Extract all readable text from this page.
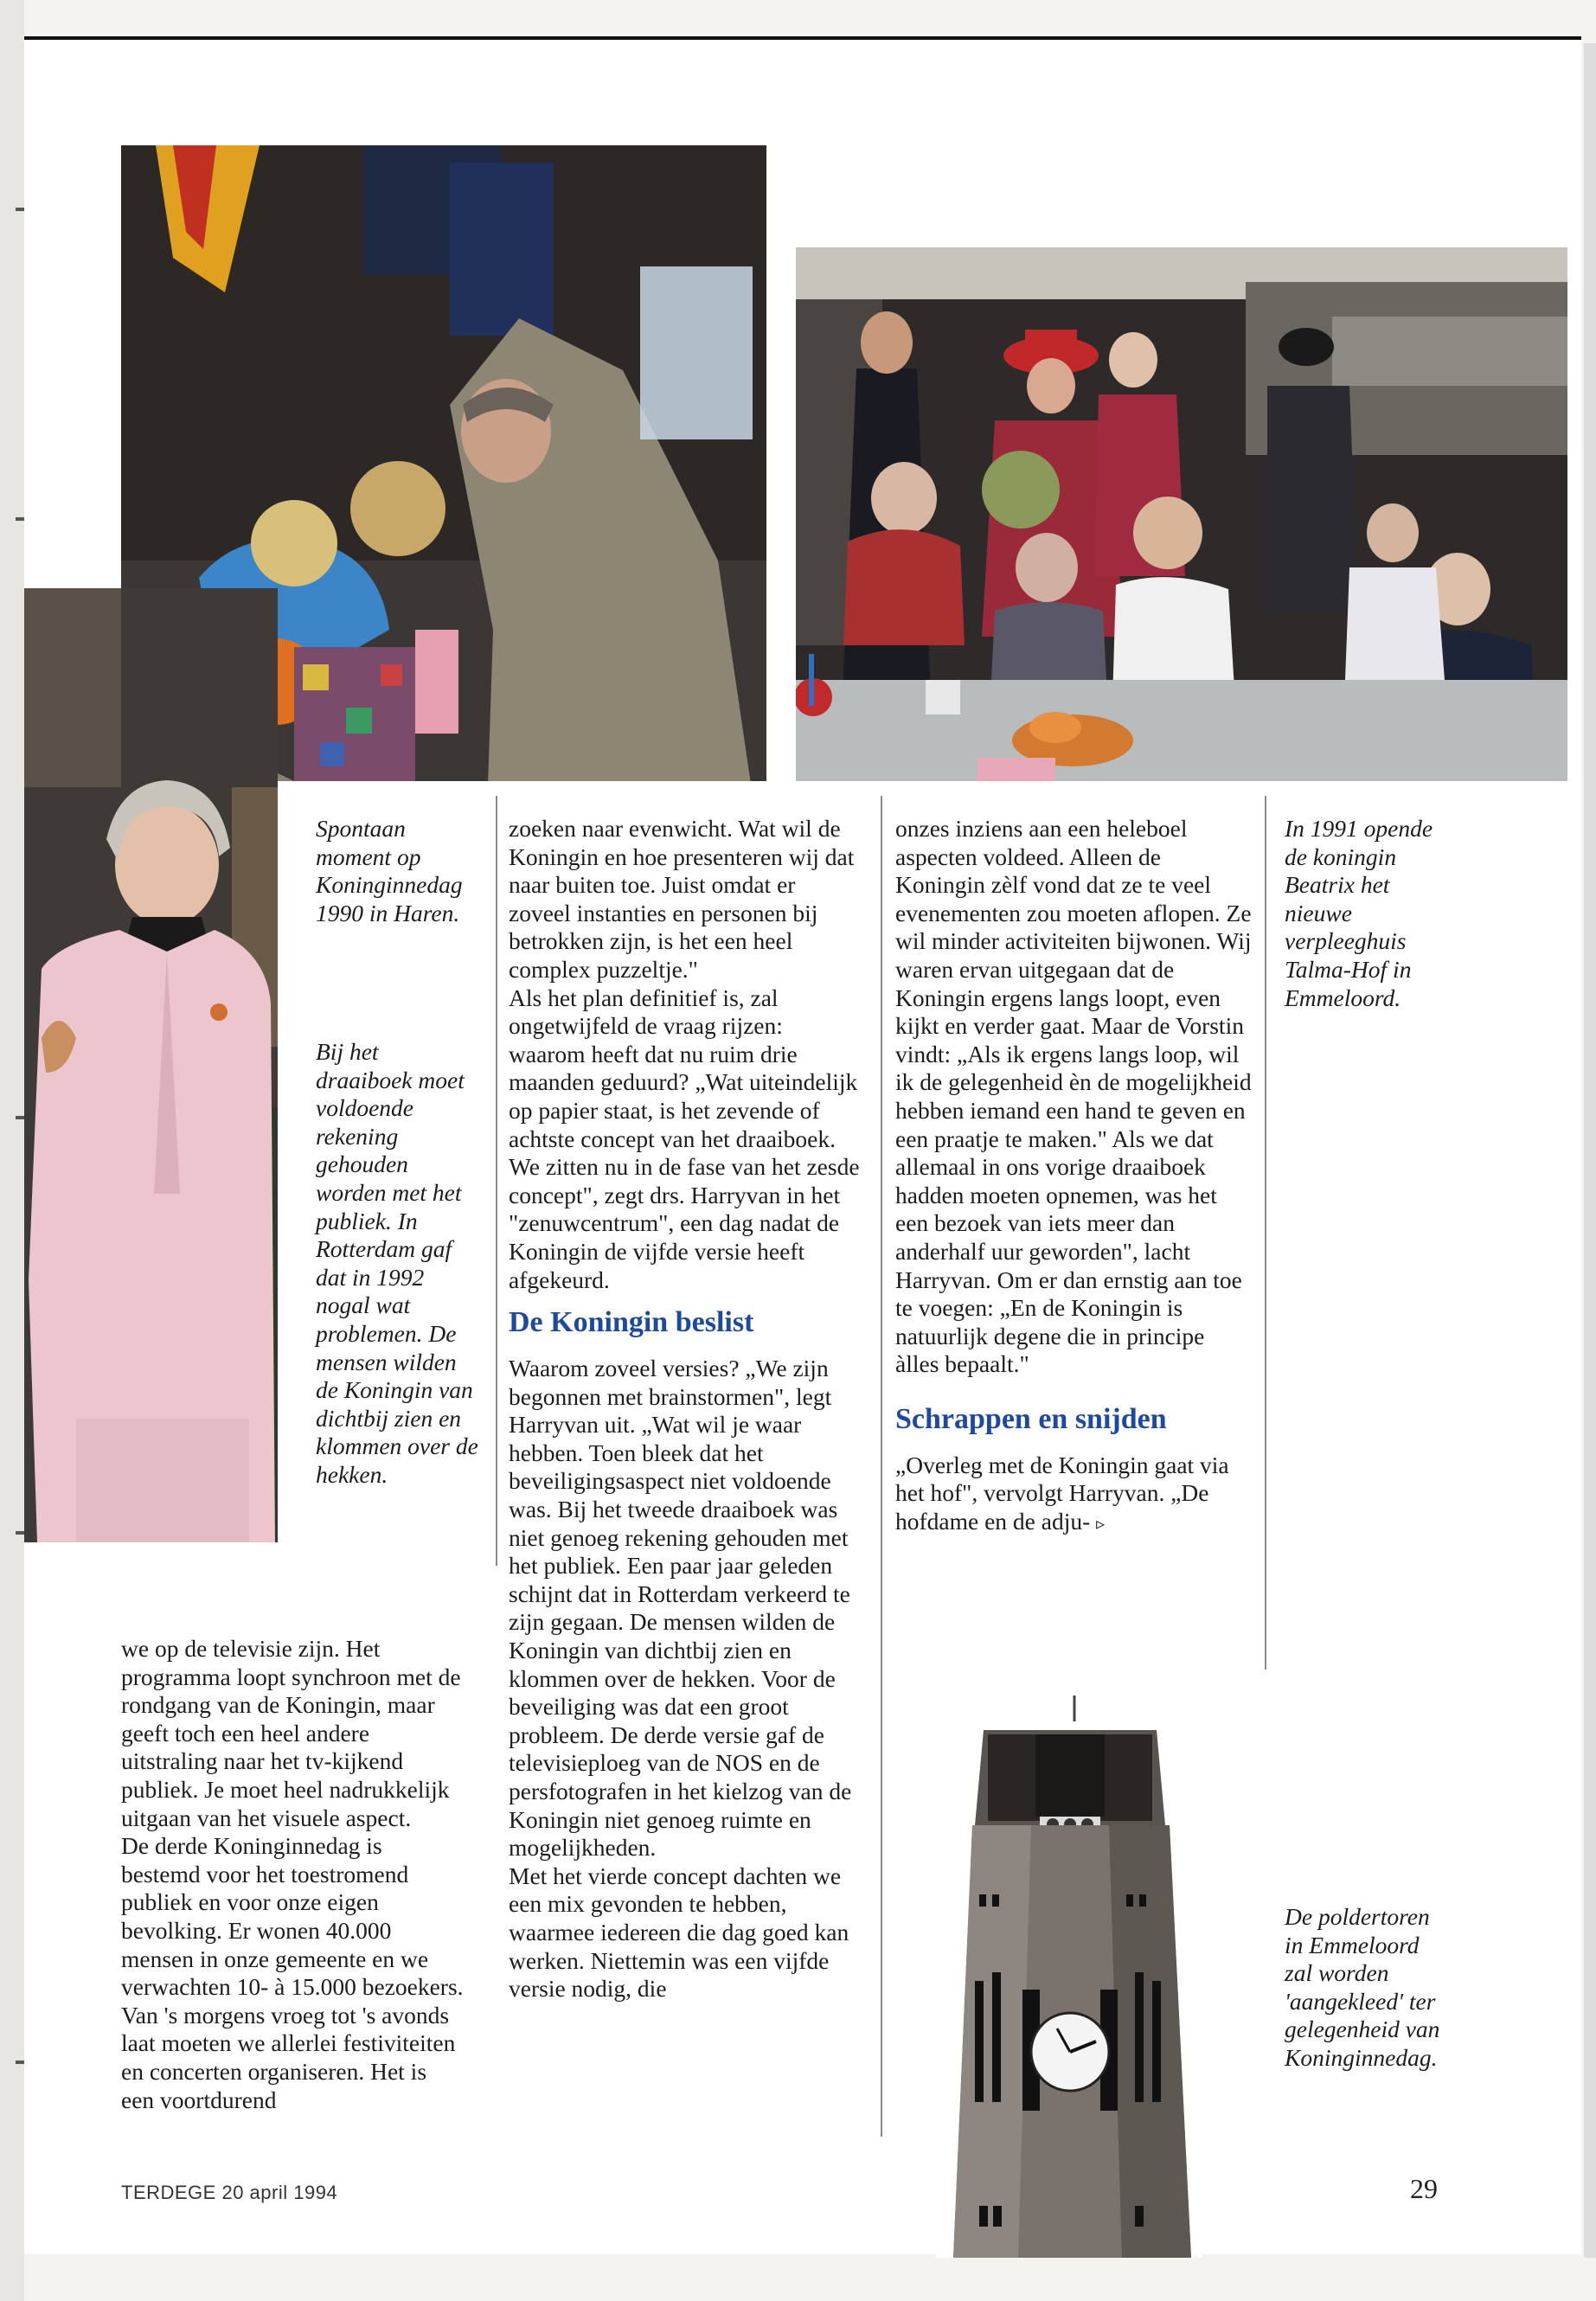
Spontaan moment op Koninginnedag 1990 in Haren.

Bij het draaiboek moet voldoende rekening gehouden worden met het publiek. In Rotterdam gaf dat in 1992 nogal wat problemen. De mensen wilden de Koningin van dichtbij zien en klommen over de hekken.

In 1991 opende de koningin Beatrix het nieuwe verpleeghuis Talma-Hof in Emmeloord.

De poldertoren in Emmeloord zal worden 'aangekleed' ter gelegenheid van Koninginnedag.

we op de televisie zijn. Het programma loopt synchroon met de rondgang van de Koningin, maar geeft toch een heel andere uitstraling naar het tv-kijkend publiek. Je moet heel nadrukkelijk uitgaan van het visuele aspect.

De derde Koninginnedag is bestemd voor het toestromend publiek en voor onze eigen bevolking. Er wonen 40.000 mensen in onze gemeente en we verwachten 10- à 15.000 bezoekers. Van 's morgens vroeg tot 's avonds laat moeten we allerlei festiviteiten en concerten organiseren. Het is een voortdurend

zoeken naar evenwicht. Wat wil de Koningin en hoe presenteren wij dat naar buiten toe. Juist omdat er zoveel instanties en personen bij betrokken zijn, is het een heel complex puzzeltje."

Als het plan definitief is, zal ongetwijfeld de vraag rijzen: waarom heeft dat nu ruim drie maanden geduurd? „Wat uiteindelijk op papier staat, is het zevende of achtste concept van het draaiboek. We zitten nu in de fase van het zesde concept", zegt drs. Harryvan in het "zenuwcentrum", een dag nadat de Koningin de vijfde versie heeft afgekeurd.

De Koningin beslist

Waarom zoveel versies? „We zijn begonnen met brainstormen", legt Harryvan uit. „Wat wil je waar hebben. Toen bleek dat het beveiligingsaspect niet voldoende was. Bij het tweede draaiboek was niet genoeg rekening gehouden met het publiek. Een paar jaar geleden schijnt dat in Rotterdam verkeerd te zijn gegaan. De mensen wilden de Koningin van dichtbij zien en klommen over de hekken. Voor de beveiliging was dat een groot probleem. De derde versie gaf de televisieploeg van de NOS en de persfotografen in het kielzog van de Koningin niet genoeg ruimte en mogelijkheden.

Met het vierde concept dachten we een mix gevonden te hebben, waarmee iedereen die dag goed kan werken. Niettemin was een vijfde versie nodig, die

onzes inziens aan een heleboel aspecten voldeed. Alleen de Koningin zèlf vond dat ze te veel evenementen zou moeten aflopen. Ze wil minder activiteiten bijwonen. Wij waren ervan uitgegaan dat de Koningin ergens langs loopt, even kijkt en verder gaat. Maar de Vorstin vindt: „Als ik ergens langs loop, wil ik de gelegenheid èn de mogelijkheid hebben iemand een hand te geven en een praatje te maken." Als we dat allemaal in ons vorige draaiboek hadden moeten opnemen, was het een bezoek van iets meer dan anderhalf uur geworden", lacht Harryvan. Om er dan ernstig aan toe te voegen: „En de Koningin is natuurlijk degene die in principe àlles bepaalt."

Schrappen en snijden

„Overleg met de Koningin gaat via het hof", vervolgt Harryvan. „De hofdame en de adju- ▹

TERDEGE 20 april 1994	29
